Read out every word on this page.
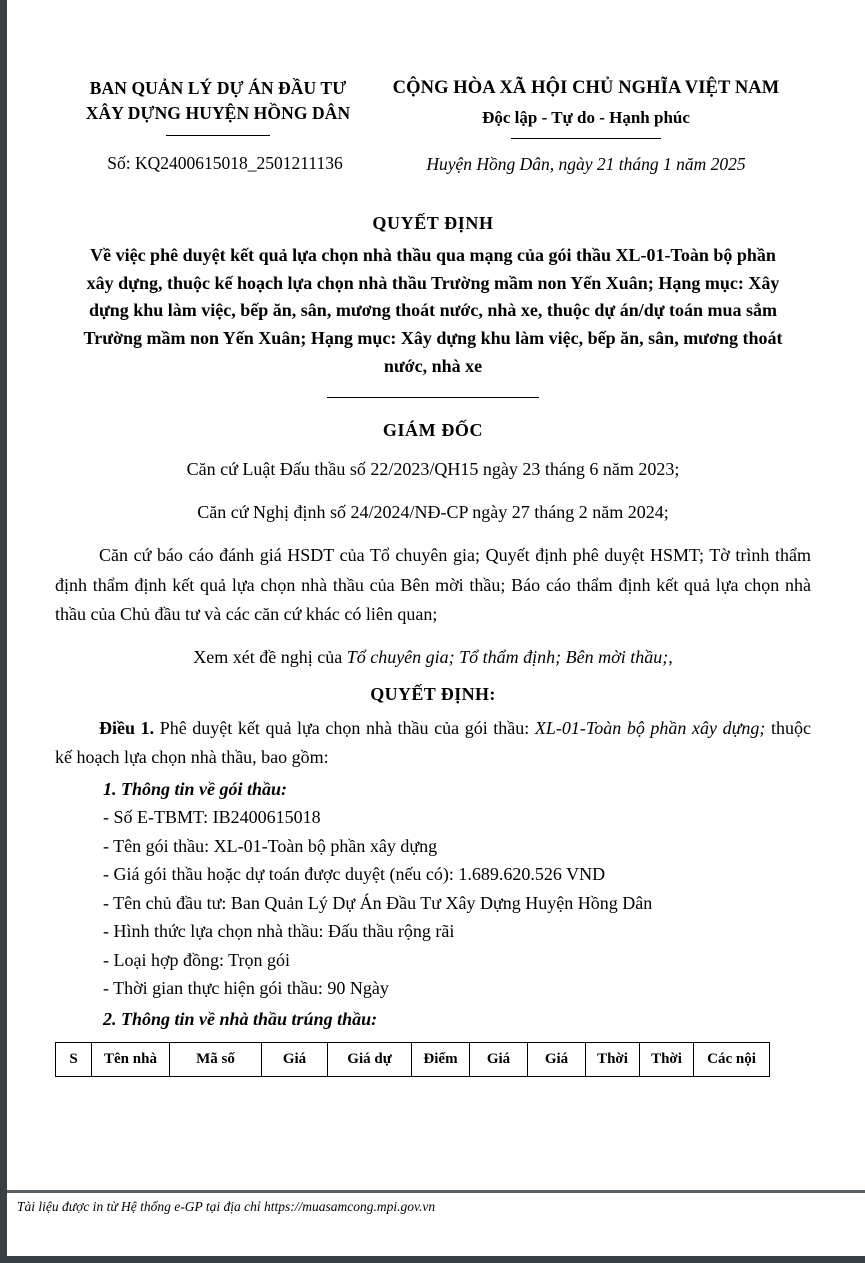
BAN QUẢN LÝ DỰ ÁN ĐẦU TƯ XÂY DỰNG HUYỆN HỒNG DÂN
Số: KQ2400615018_2501211136
CỘNG HÒA XÃ HỘI CHỦ NGHĨA VIỆT NAM
Độc lập - Tự do - Hạnh phúc
Huyện Hồng Dân, ngày 21 tháng 1 năm 2025
QUYẾT ĐỊNH
Về việc phê duyệt kết quả lựa chọn nhà thầu qua mạng của gói thầu XL-01-Toàn bộ phần xây dựng, thuộc kế hoạch lựa chọn nhà thầu Trường mầm non Yến Xuân; Hạng mục: Xây dựng khu làm việc, bếp ăn, sân, mương thoát nước, nhà xe, thuộc dự án/dự toán mua sắm Trường mầm non Yến Xuân; Hạng mục: Xây dựng khu làm việc, bếp ăn, sân, mương thoát nước, nhà xe
GIÁM ĐỐC
Căn cứ Luật Đấu thầu số 22/2023/QH15 ngày 23 tháng 6 năm 2023;
Căn cứ Nghị định số 24/2024/NĐ-CP ngày 27 tháng 2 năm 2024;
Căn cứ báo cáo đánh giá HSDT của Tổ chuyên gia; Quyết định phê duyệt HSMT; Tờ trình thẩm định thẩm định kết quả lựa chọn nhà thầu của Bên mời thầu; Báo cáo thẩm định kết quả lựa chọn nhà thầu của Chủ đầu tư và các căn cứ khác có liên quan;
Xem xét đề nghị của Tổ chuyên gia; Tổ thẩm định; Bên mời thầu;,
QUYẾT ĐỊNH:
Điều 1. Phê duyệt kết quả lựa chọn nhà thầu của gói thầu: XL-01-Toàn bộ phần xây dựng; thuộc kế hoạch lựa chọn nhà thầu, bao gồm:
1. Thông tin về gói thầu:
- Số E-TBMT: IB2400615018
- Tên gói thầu: XL-01-Toàn bộ phần xây dựng
- Giá gói thầu hoặc dự toán được duyệt (nếu có): 1.689.620.526 VND
- Tên chủ đầu tư: Ban Quản Lý Dự Án Đầu Tư Xây Dựng Huyện Hồng Dân
- Hình thức lựa chọn nhà thầu: Đấu thầu rộng rãi
- Loại hợp đồng: Trọn gói
- Thời gian thực hiện gói thầu: 90 Ngày
2. Thông tin về nhà thầu trúng thầu:
S	Tên nhà	Mã số	Giá	Giá dự	Điểm	Giá	Giá	Thời	Thời	Các nội
Tài liệu được in từ Hệ thống e-GP tại địa chỉ https://muasamcong.mpi.gov.vn
